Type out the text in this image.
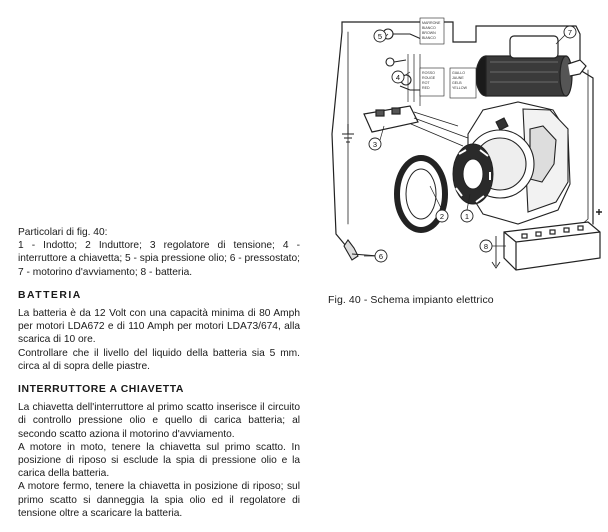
Particolari di fig. 40:

1 - Indotto; 2 Induttore; 3 regolatore di tensione; 4 - interruttore a chiavetta; 5 - spia pressione olio; 6 - pressostato; 7 - motorino d'avviamento; 8 - batteria.

BATTERIA

La batteria è da 12 Volt con una capacità minima di 80 Amph per motori LDA672 e di 110 Amph per motori LDA73/674, alla scarica di 10 ore.

Controllare che il livello del liquido della batteria sia 5 mm. circa al di sopra delle piastre.

INTERRUTTORE A CHIAVETTA

La chiavetta dell'interruttore al primo scatto inserisce il circuito di controllo pressione olio e quello di carica batteria; al secondo scatto aziona il motorino d'avviamento.

A motore in moto, tenere la chiavetta sul primo scatto. In posizione di riposo si esclude la spia di pressione olio e la carica della batteria.

A motore fermo, tenere la chiavetta in posizione di riposo; sul primo scatto si danneggia la spia olio ed il regolatore di tensione oltre a scaricare la batteria.

MARRONE
BIANCO
BROWN
BIANCO
ROSSO
ROUGE
ROT
RED
GIALLO
JAUNE
GELB
YELLOW
1
2
3
4
5
6
7
8
Fig. 40 - Schema impianto elettrico
